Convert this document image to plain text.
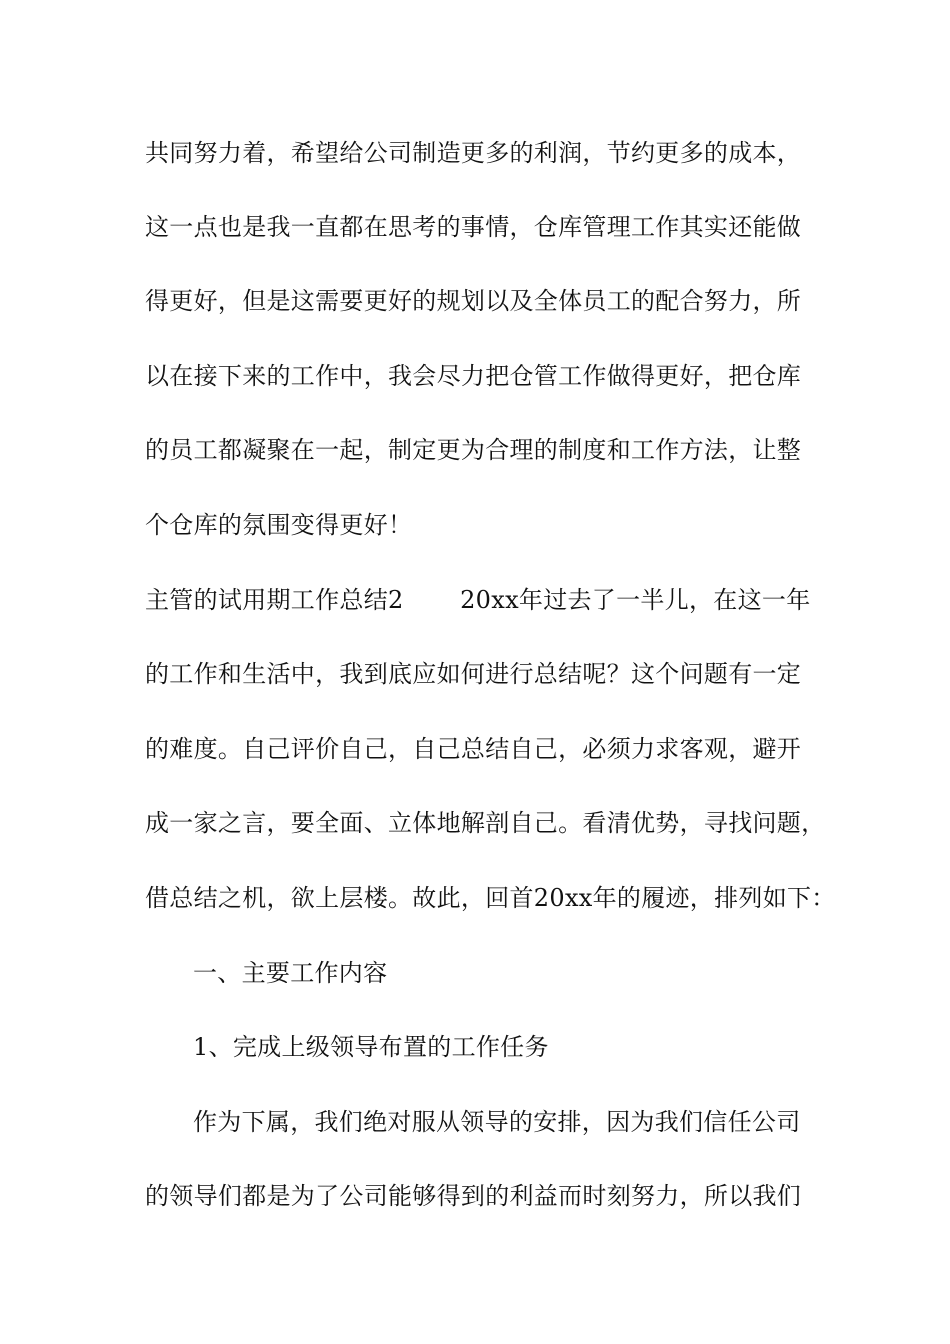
共同努力着，希望给公司制造更多的利润，节约更多的成本，
这一点也是我一直都在思考的事情，仓库管理工作其实还能做
得更好，但是这需要更好的规划以及全体员工的配合努力，所
以在接下来的工作中，我会尽力把仓管工作做得更好，把仓库
的员工都凝聚在一起，制定更为合理的制度和工作方法，让整
个仓库的氛围变得更好！
主管的试用期工作总结2　　 20xx年过去了一半儿，在这一年
的工作和生活中，我到底应如何进行总结呢？这个问题有一定
的难度。自己评价自己，自己总结自己，必须力求客观，避开
成一家之言，要全面、立体地解剖自己。看清优势，寻找问题，
借总结之机，欲上层楼。故此，回首20xx年的履迹，排列如下：
一、主要工作内容
1、完成上级领导布置的工作任务
作为下属，我们绝对服从领导的安排，因为我们信任公司
的领导们都是为了公司能够得到的利益而时刻努力，所以我们
